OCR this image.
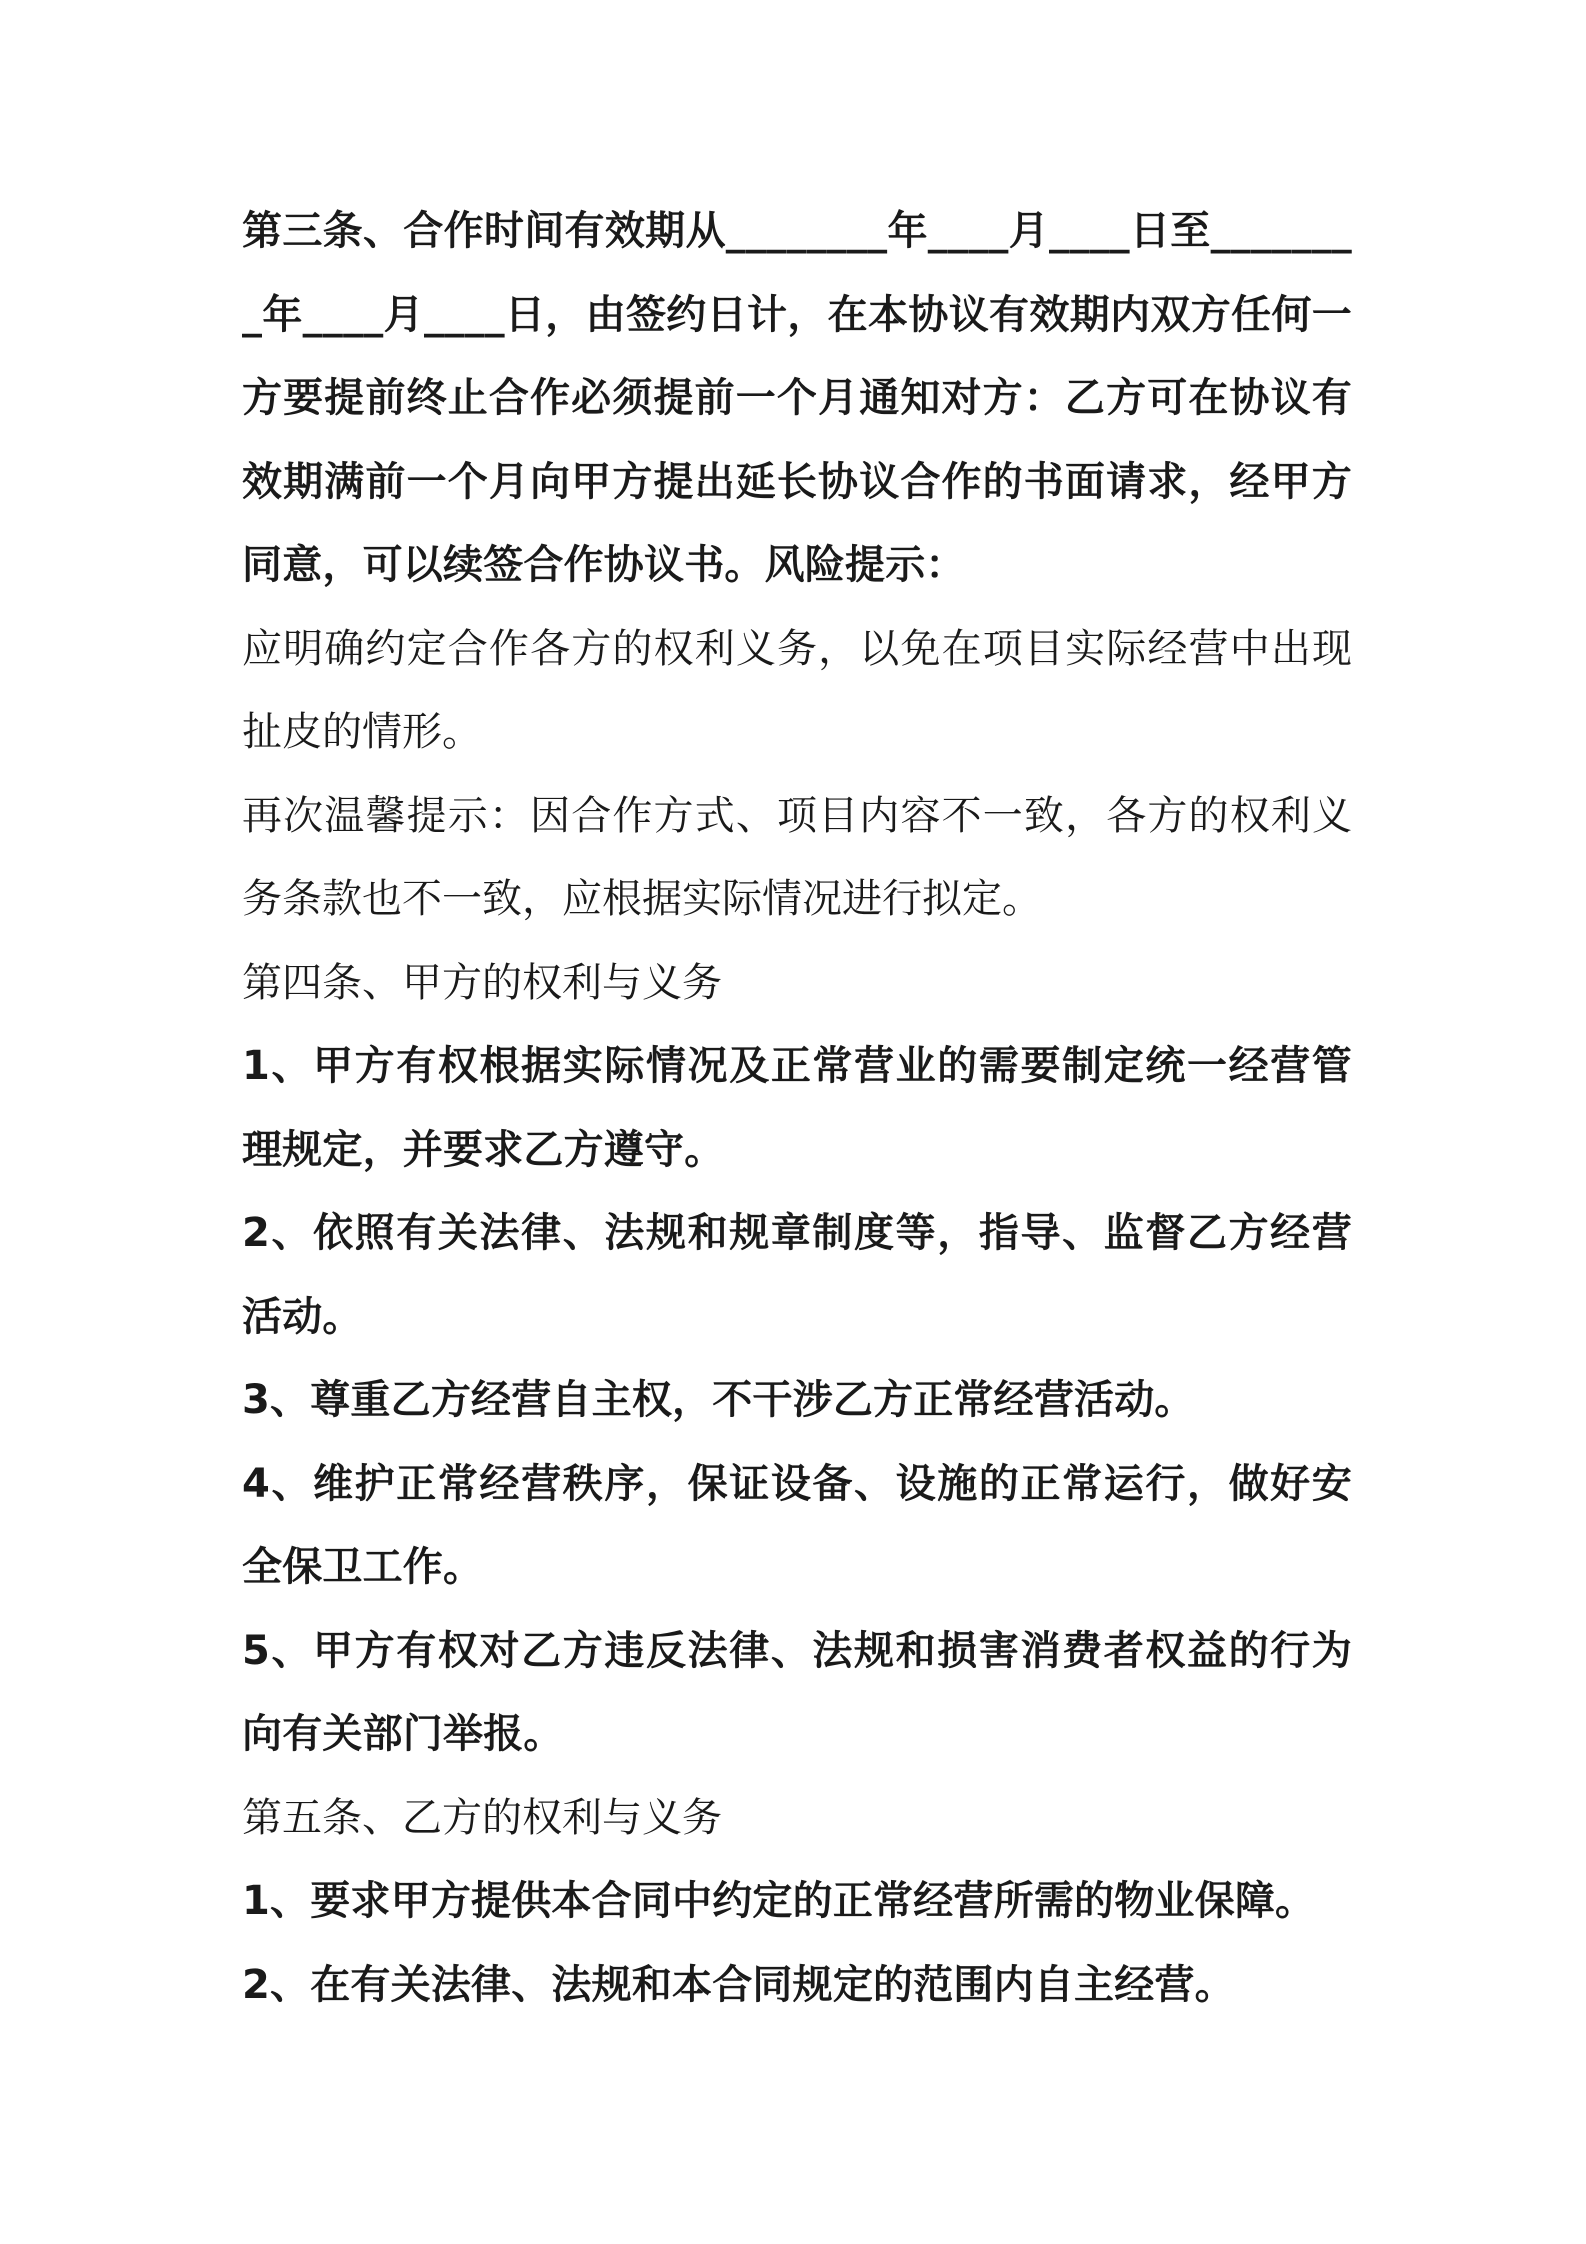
第三条、合作时间有效期从________年____月____日至________年____月____日，由签约日计，在本协议有效期内双方任何一方要提前终止合作必须提前一个月通知对方：乙方可在协议有效期满前一个月向甲方提出延长协议合作的书面请求，经甲方同意，可以续签合作协议书。风险提示：

应明确约定合作各方的权利义务，以免在项目实际经营中出现扯皮的情形。

再次温馨提示：因合作方式、项目内容不一致，各方的权利义务条款也不一致，应根据实际情况进行拟定。

第四条、甲方的权利与义务

1、甲方有权根据实际情况及正常营业的需要制定统一经营管理规定，并要求乙方遵守。

2、依照有关法律、法规和规章制度等，指导、监督乙方经营活动。

3、尊重乙方经营自主权，不干涉乙方正常经营活动。

4、维护正常经营秩序，保证设备、设施的正常运行，做好安全保卫工作。

5、甲方有权对乙方违反法律、法规和损害消费者权益的行为向有关部门举报。

第五条、乙方的权利与义务

1、要求甲方提供本合同中约定的正常经营所需的物业保障。

2、在有关法律、法规和本合同规定的范围内自主经营。
